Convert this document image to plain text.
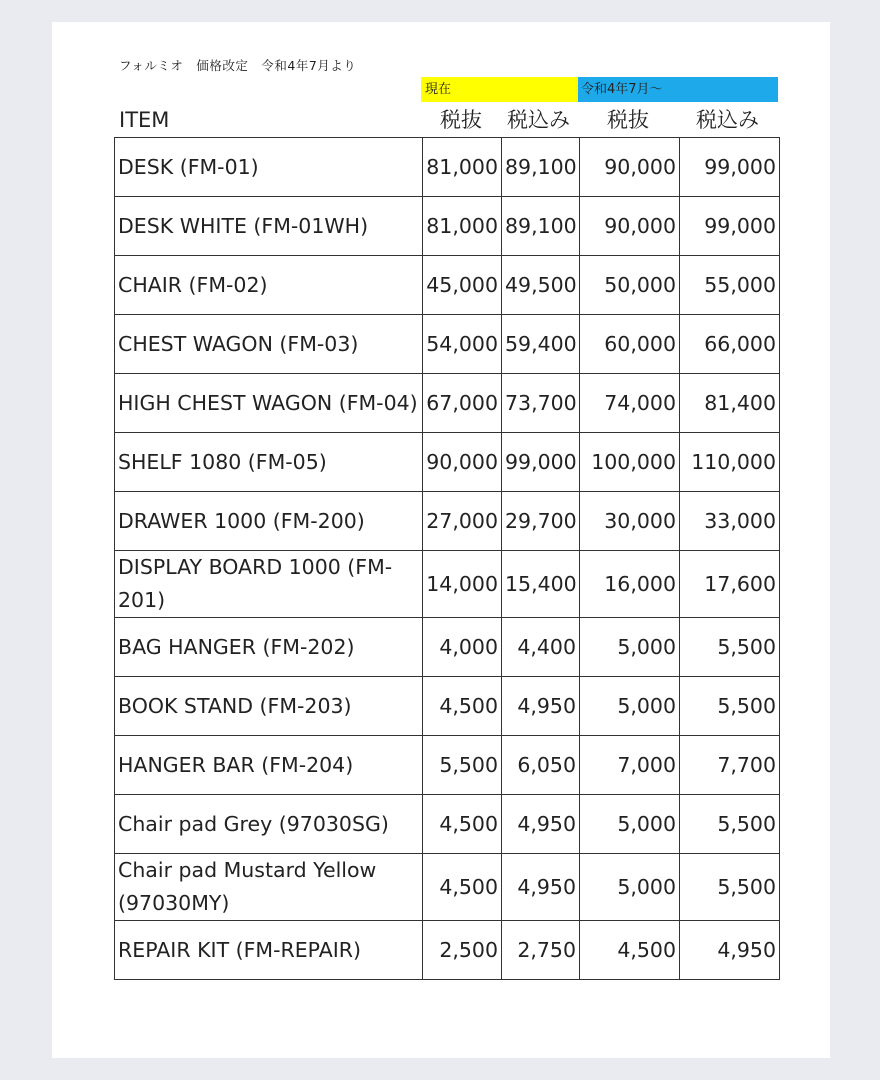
フォルミオ　価格改定　令和4年7月より
現在	令和4年7月～
ITEM	税抜 税込み 税抜 税込み
DESK (FM-01)	81,000	89,100	90,000	99,000
DESK WHITE (FM-01WH)	81,000	89,100	90,000	99,000
CHAIR (FM-02)	45,000	49,500	50,000	55,000
CHEST WAGON (FM-03)	54,000	59,400	60,000	66,000
HIGH CHEST WAGON (FM-04)	67,000	73,700	74,000	81,400
SHELF 1080 (FM-05)	90,000	99,000	100,000	110,000
DRAWER 1000 (FM-200)	27,000	29,700	30,000	33,000
DISPLAY BOARD 1000 (FM-201)	14,000	15,400	16,000	17,600
BAG HANGER (FM-202)	4,000	4,400	5,000	5,500
BOOK STAND (FM-203)	4,500	4,950	5,000	5,500
HANGER BAR (FM-204)	5,500	6,050	7,000	7,700
Chair pad Grey (97030SG)	4,500	4,950	5,000	5,500
Chair pad Mustard Yellow (97030MY)	4,500	4,950	5,000	5,500
REPAIR KIT (FM-REPAIR)	2,500	2,750	4,500	4,950
